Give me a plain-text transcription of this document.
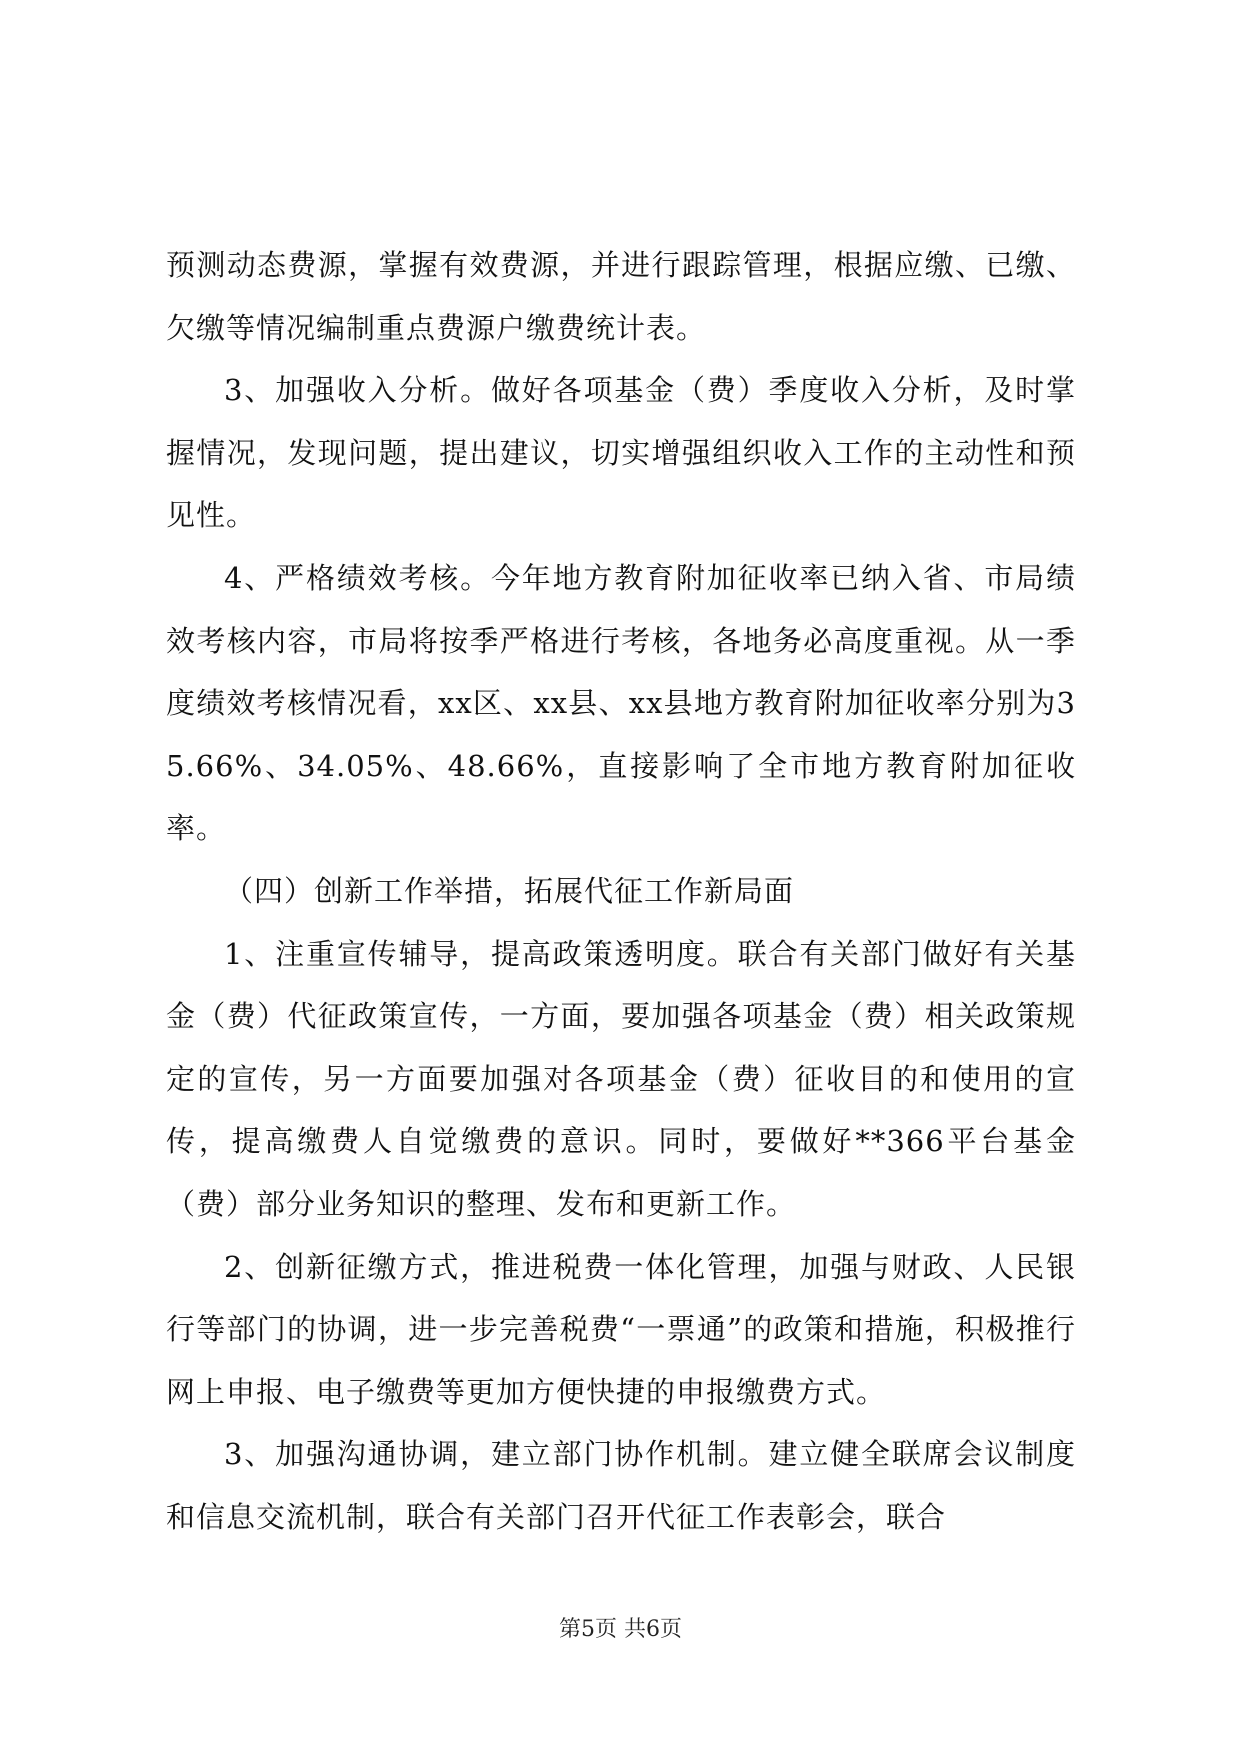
预测动态费源，掌握有效费源，并进行跟踪管理，根据应缴、已缴、欠缴等情况编制重点费源户缴费统计表。

3、加强收入分析。做好各项基金（费）季度收入分析，及时掌握情况，发现问题，提出建议，切实增强组织收入工作的主动性和预见性。

4、严格绩效考核。今年地方教育附加征收率已纳入省、市局绩效考核内容，市局将按季严格进行考核，各地务必高度重视。从一季度绩效考核情况看，xx区、xx县、xx县地方教育附加征收率分别为35.66%、34.05%、48.66%，直接影响了全市地方教育附加征收率。

（四）创新工作举措，拓展代征工作新局面

1、注重宣传辅导，提高政策透明度。联合有关部门做好有关基金（费）代征政策宣传，一方面，要加强各项基金（费）相关政策规定的宣传，另一方面要加强对各项基金（费）征收目的和使用的宣传，提高缴费人自觉缴费的意识。同时，要做好**366平台基金（费）部分业务知识的整理、发布和更新工作。

2、创新征缴方式，推进税费一体化管理，加强与财政、人民银行等部门的协调，进一步完善税费“一票通”的政策和措施，积极推行网上申报、电子缴费等更加方便快捷的申报缴费方式。

3、加强沟通协调，建立部门协作机制。建立健全联席会议制度和信息交流机制，联合有关部门召开代征工作表彰会，联合

第5页 共6页
